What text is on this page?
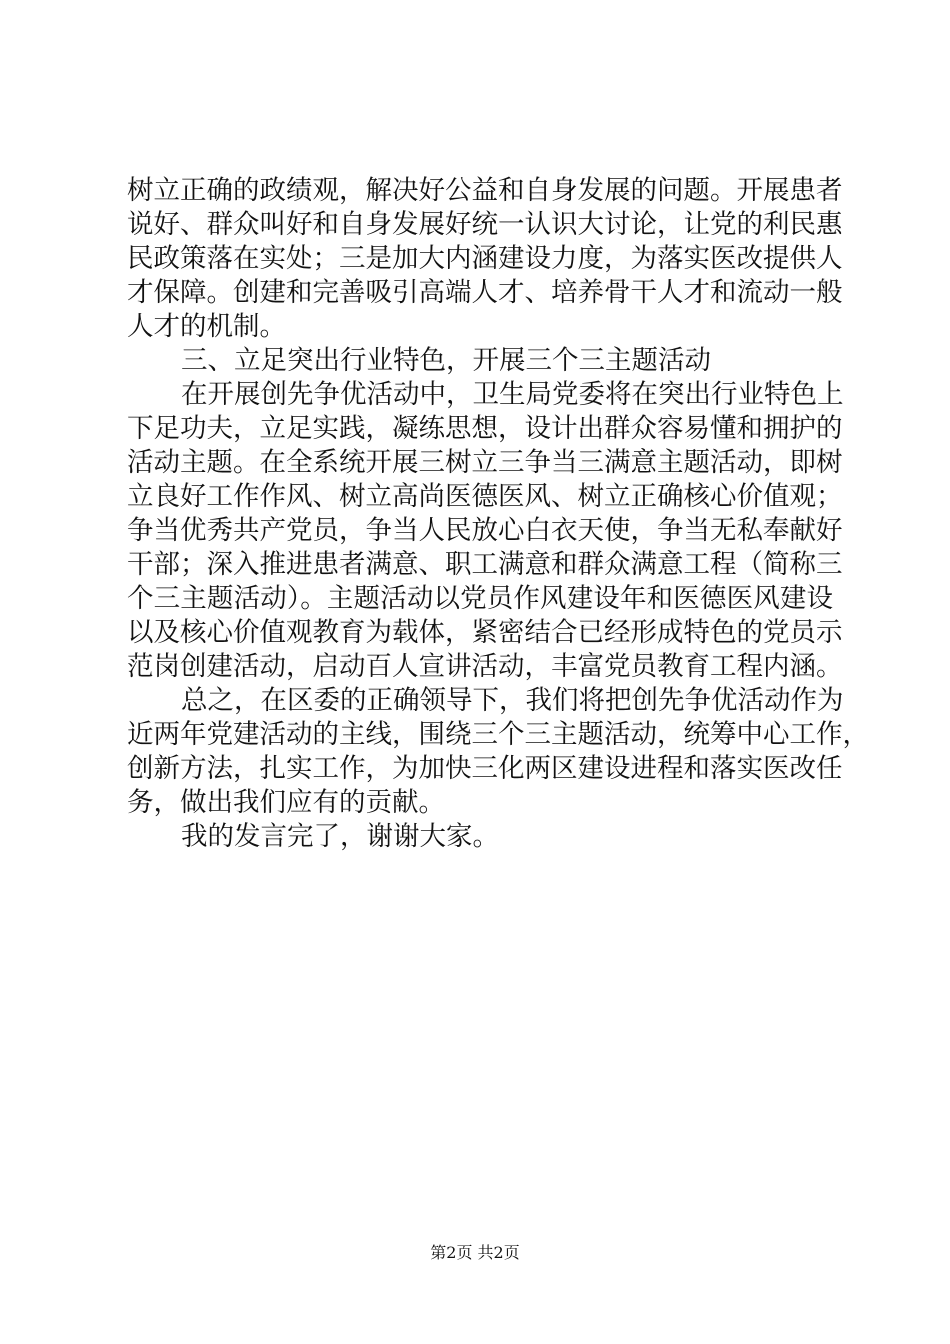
树立正确的政绩观，解决好公益和自身发展的问题。开展患者
说好、群众叫好和自身发展好统一认识大讨论，让党的利民惠
民政策落在实处；三是加大内涵建设力度，为落实医改提供人
才保障。创建和完善吸引高端人才、培养骨干人才和流动一般
人才的机制。
三、立足突出行业特色，开展三个三主题活动
在开展创先争优活动中，卫生局党委将在突出行业特色上
下足功夫，立足实践，凝练思想，设计出群众容易懂和拥护的
活动主题。在全系统开展三树立三争当三满意主题活动，即树
立良好工作作风、树立高尚医德医风、树立正确核心价值观；
争当优秀共产党员，争当人民放心白衣天使，争当无私奉献好
干部；深入推进患者满意、职工满意和群众满意工程（简称三
个三主题活动）。主题活动以党员作风建设年和医德医风建设
以及核心价值观教育为载体，紧密结合已经形成特色的党员示
范岗创建活动，启动百人宣讲活动，丰富党员教育工程内涵。
总之，在区委的正确领导下，我们将把创先争优活动作为
近两年党建活动的主线，围绕三个三主题活动，统筹中心工作，
创新方法，扎实工作，为加快三化两区建设进程和落实医改任
务，做出我们应有的贡献。
我的发言完了，谢谢大家。
第2页 共2页
